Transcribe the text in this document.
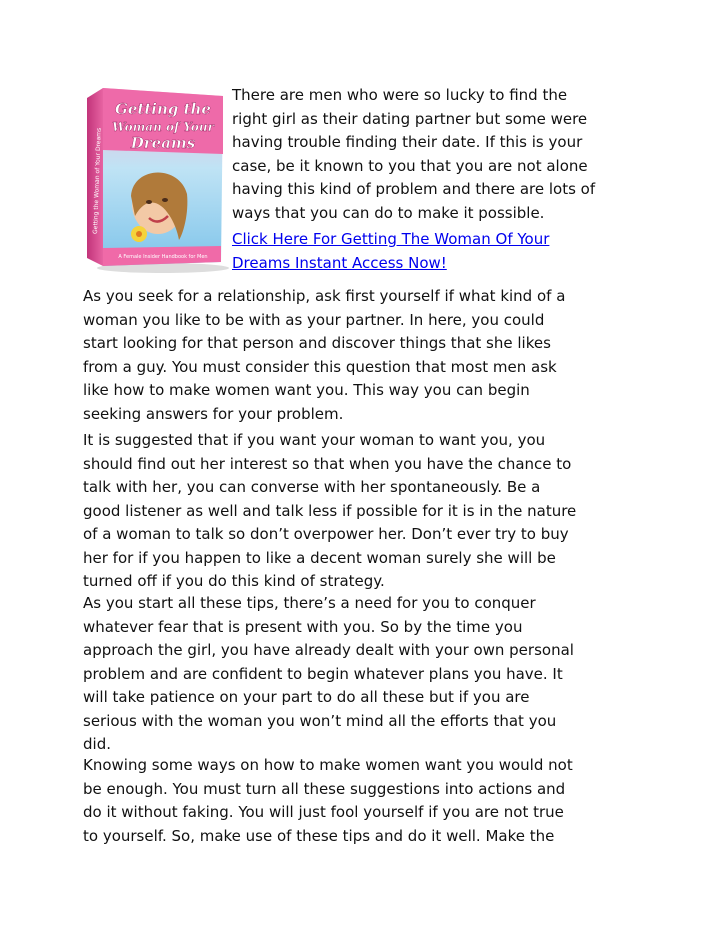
Getting the
Woman of Your
Dreams
A Female Insider Handbook for Men
Getting the Woman of Your Dreams

There are men who were so lucky to find the
right girl as their dating partner but some were
having trouble finding their date. If this is your
case, be it known to you that you are not alone
having this kind of problem and there are lots of
ways that you can do to make it possible.

Click Here For Getting The Woman Of Your
Dreams Instant Access Now!

As you seek for a relationship, ask first yourself if what kind of a
woman you like to be with as your partner. In here, you could
start looking for that person and discover things that she likes
from a guy. You must consider this question that most men ask
like how to make women want you. This way you can begin
seeking answers for your problem.

It is suggested that if you want your woman to want you, you
should find out her interest so that when you have the chance to
talk with her, you can converse with her spontaneously. Be a
good listener as well and talk less if possible for it is in the nature
of a woman to talk so don’t overpower her. Don’t ever try to buy
her for if you happen to like a decent woman surely she will be
turned off if you do this kind of strategy.

As you start all these tips, there’s a need for you to conquer
whatever fear that is present with you. So by the time you
approach the girl, you have already dealt with your own personal
problem and are confident to begin whatever plans you have. It
will take patience on your part to do all these but if you are
serious with the woman you won’t mind all the efforts that you
did.

Knowing some ways on how to make women want you would not
be enough. You must turn all these suggestions into actions and
do it without faking. You will just fool yourself if you are not true
to yourself. So, make use of these tips and do it well. Make the
